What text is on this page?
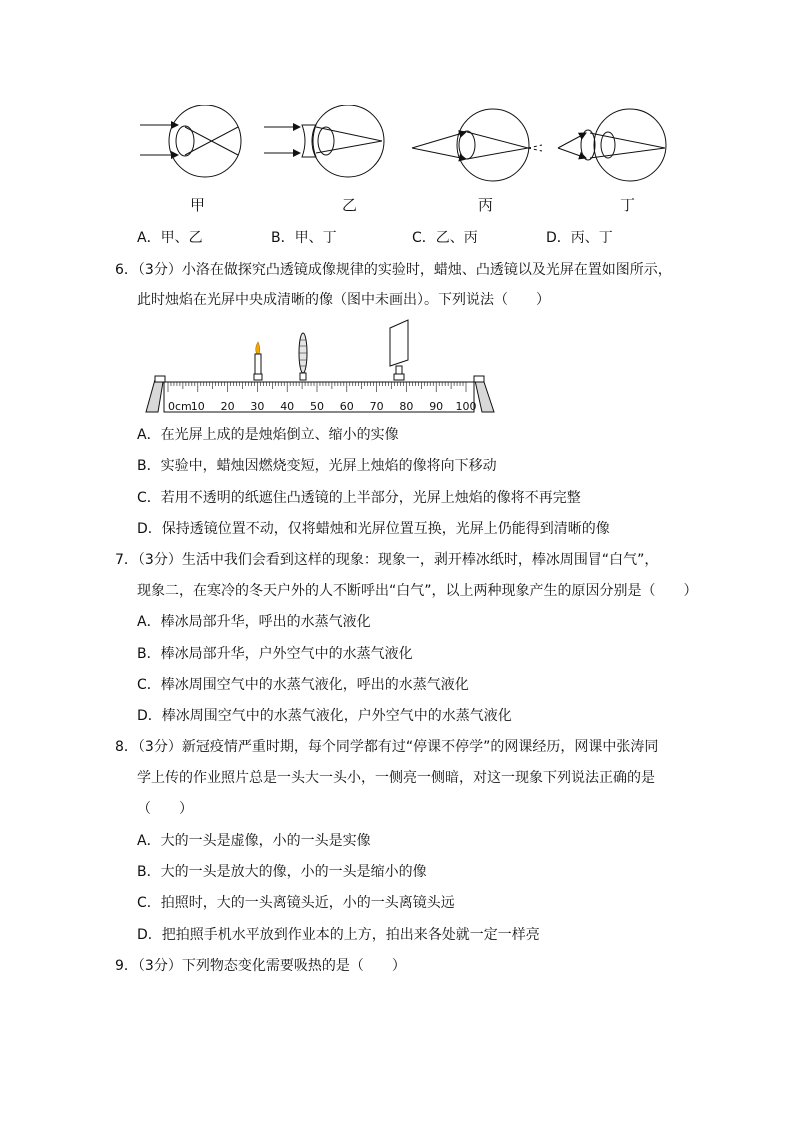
甲	乙	丙	丁
A．甲、乙	B．甲、丁	C．乙、丙	D．丙、丁
6．（3分）小洛在做探究凸透镜成像规律的实验时，蜡烛、凸透镜以及光屏在置如图所示，
此时烛焰在光屏中央成清晰的像（图中未画出）。下列说法（　　）
0cm 10 20 30 40 50 60 70 80 90 100
A．在光屏上成的是烛焰倒立、缩小的实像
B．实验中，蜡烛因燃烧变短，光屏上烛焰的像将向下移动
C．若用不透明的纸遮住凸透镜的上半部分，光屏上烛焰的像将不再完整
D．保持透镜位置不动，仅将蜡烛和光屏位置互换，光屏上仍能得到清晰的像
7．（3分）生活中我们会看到这样的现象：现象一，剥开棒冰纸时，棒冰周围冒“白气”，
现象二，在寒冷的冬天户外的人不断呼出“白气”，以上两种现象产生的原因分别是（　　）
A．棒冰局部升华，呼出的水蒸气液化
B．棒冰局部升华，户外空气中的水蒸气液化
C．棒冰周围空气中的水蒸气液化，呼出的水蒸气液化
D．棒冰周围空气中的水蒸气液化，户外空气中的水蒸气液化
8．（3分）新冠疫情严重时期，每个同学都有过“停课不停学”的网课经历，网课中张涛同
学上传的作业照片总是一头大一头小，一侧亮一侧暗，对这一现象下列说法正确的是
（　　）
A．大的一头是虚像，小的一头是实像
B．大的一头是放大的像，小的一头是缩小的像
C．拍照时，大的一头离镜头近，小的一头离镜头远
D．把拍照手机水平放到作业本的上方，拍出来各处就一定一样亮
9．（3分）下列物态变化需要吸热的是（　　）
